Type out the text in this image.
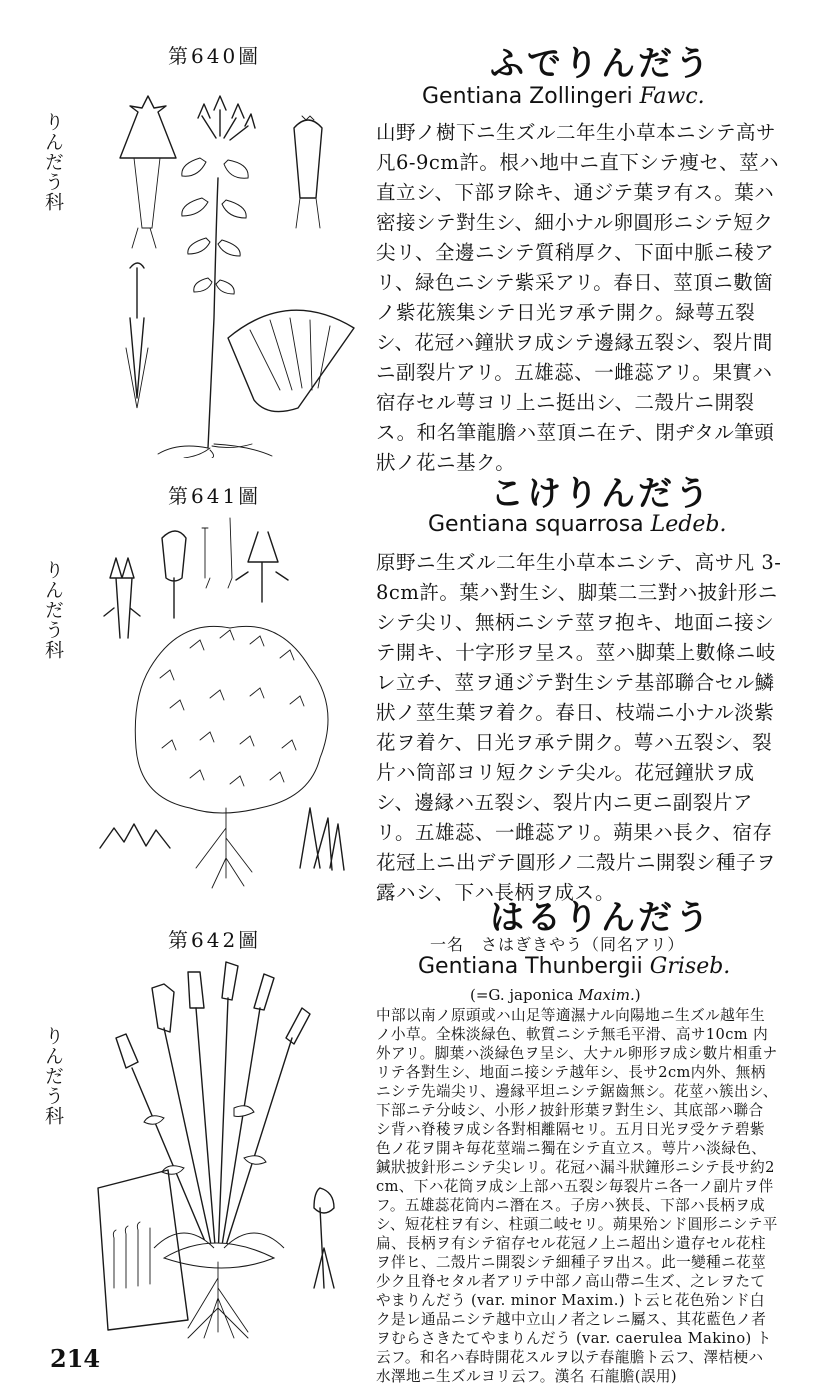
第640圖
りんだう科
ふでりんだう
Gentiana Zollingeri Fawc.
山野ノ樹下ニ生ズル二年生小草本ニシテ高サ凡6-9cm許。根ハ地中ニ直下シテ痩セ、莖ハ直立シ、下部ヲ除キ、通ジテ葉ヲ有ス。葉ハ密接シテ對生シ、細小ナル卵圓形ニシテ短ク尖リ、全邊ニシテ質稍厚ク、下面中脈ニ稜アリ、緑色ニシテ紫采アリ。春日、莖頂ニ數箇ノ紫花簇集シテ日光ヲ承テ開ク。緑萼五裂シ、花冠ハ鐘狀ヲ成シテ邊縁五裂シ、裂片間ニ副裂片アリ。五雄蕊、一雌蕊アリ。果實ハ宿存セル萼ヨリ上ニ挺出シ、二殼片ニ開裂ス。和名筆龍膽ハ莖頂ニ在テ、閉ヂタル筆頭狀ノ花ニ基ク。
第641圖
りんだう科
こけりんだう
Gentiana squarrosa Ledeb.
原野ニ生ズル二年生小草本ニシテ、高サ凡 3-8cm許。葉ハ對生シ、脚葉二三對ハ披針形ニシテ尖リ、無柄ニシテ莖ヲ抱キ、地面ニ接シテ開キ、十字形ヲ呈ス。莖ハ脚葉上數條ニ岐レ立チ、莖ヲ通ジテ對生シテ基部聯合セル鱗狀ノ莖生葉ヲ着ク。春日、枝端ニ小ナル淡紫花ヲ着ケ、日光ヲ承テ開ク。萼ハ五裂シ、裂片ハ筒部ヨリ短クシテ尖ル。花冠鐘狀ヲ成シ、邊縁ハ五裂シ、裂片内ニ更ニ副裂片アリ。五雄蕊、一雌蕊アリ。蒴果ハ長ク、宿存花冠上ニ出デテ圓形ノ二殼片ニ開裂シ種子ヲ露ハシ、下ハ長柄ヲ成ス。
第642圖
りんだう科
はるりんだう
一名　さはぎきやう（同名アリ）
Gentiana Thunbergii Griseb.
(=G. japonica Maxim.)
中部以南ノ原頭或ハ山足等適濕ナル向陽地ニ生ズル越年生ノ小草。全株淡緑色、軟質ニシテ無毛平滑、高サ10cm 内外アリ。脚葉ハ淡緑色ヲ呈シ、大ナル卵形ヲ成シ數片相重ナリテ各對生シ、地面ニ接シテ越年シ、長サ2cm内外、無柄ニシテ先端尖リ、邊縁平坦ニシテ鋸齒無シ。花莖ハ簇出シ、下部ニテ分岐シ、小形ノ披針形葉ヲ對生シ、其底部ハ聯合シ背ハ脊稜ヲ成シ各對相離隔セリ。五月日光ヲ受ケテ碧紫色ノ花ヲ開キ毎花莖端ニ獨在シテ直立ス。萼片ハ淡緑色、鍼狀披針形ニシテ尖レリ。花冠ハ漏斗狀鐘形ニシテ長サ約2cm、下ハ花筒ヲ成シ上部ハ五裂シ毎裂片ニ各一ノ副片ヲ伴フ。五雄蕊花筒内ニ潛在ス。子房ハ狹長、下部ハ長柄ヲ成シ、短花柱ヲ有シ、柱頭二岐セリ。蒴果殆ンド圓形ニシテ平扁、長柄ヲ有シテ宿存セル花冠ノ上ニ超出シ遺存セル花柱ヲ伴ヒ、二殼片ニ開裂シテ細種子ヲ出ス。此一變種ニ花莖少ク且脊セタル者アリテ中部ノ高山帶ニ生ズ、之レヲたてやまりんだう (var. minor Maxim.) ト云ヒ花色殆ンド白ク是レ通品ニシテ越中立山ノ者之レニ屬ス、其花藍色ノ者ヲむらさきたてやまりんだう (var. caerulea Makino) ト云フ。和名ハ春時開花スルヲ以テ春龍膽ト云フ、澤桔梗ハ水澤地ニ生ズルヨリ云フ。漢名 石龍膽(誤用)
214
